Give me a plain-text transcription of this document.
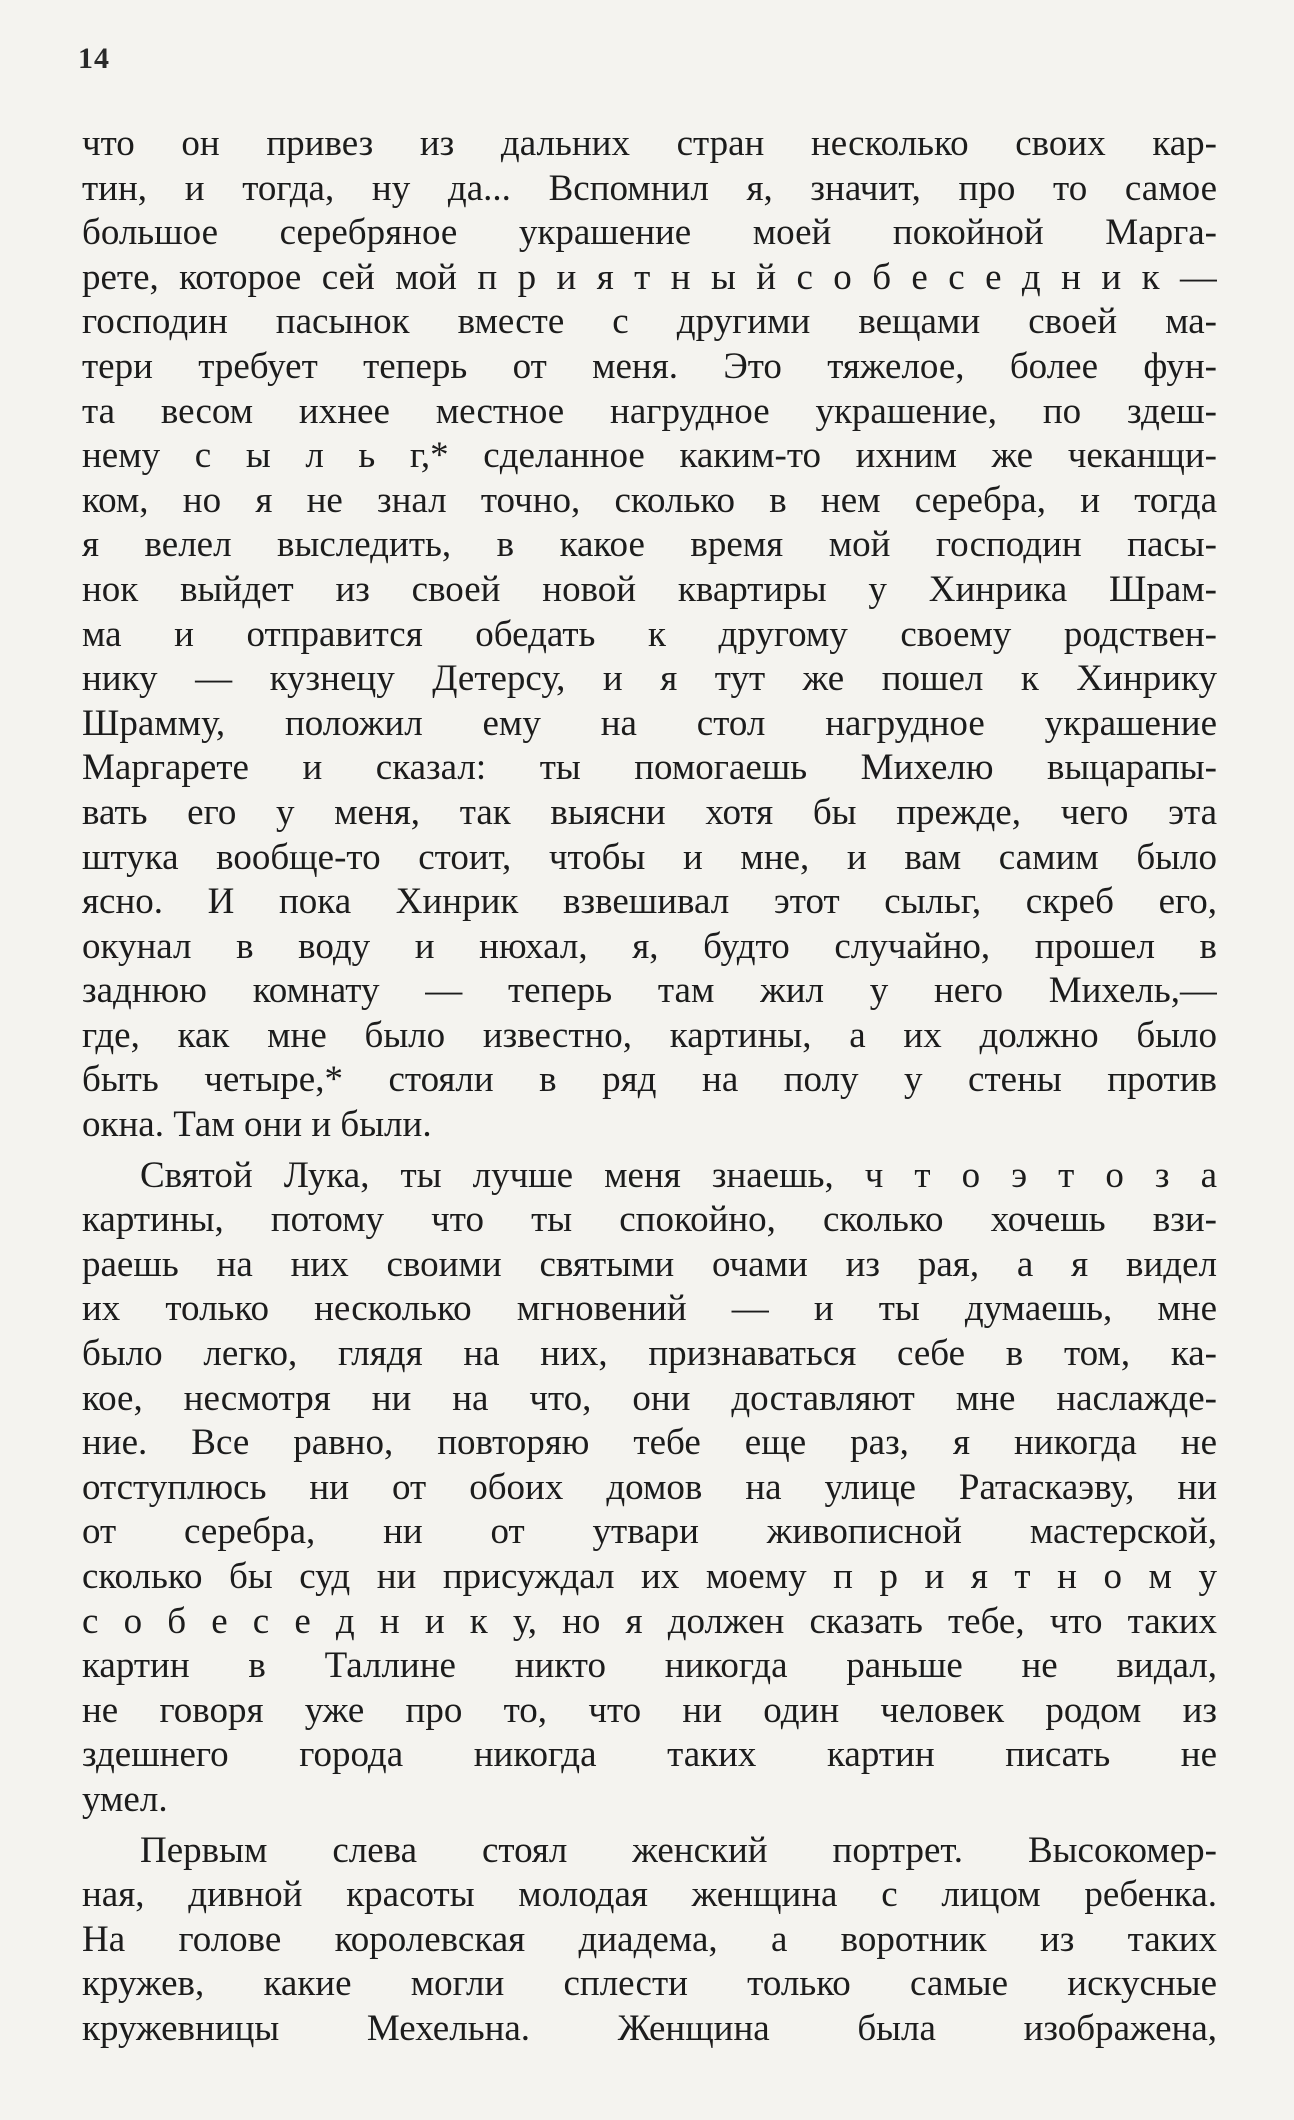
14
что он привез из дальних стран несколько своих кар-
тин, и тогда, ну да... Вспомнил я, значит, про то самое
большое серебряное украшение моей покойной Марга-
рете, которое сей мой п р и я т н ы й с о б е с е д н и к —
господин пасынок вместе с другими вещами своей ма-
тери требует теперь от меня. Это тяжелое, более фун-
та весом ихнее местное нагрудное украшение, по здеш-
нему с ы л ь г,* сделанное каким-то ихним же чеканщи-
ком, но я не знал точно, сколько в нем серебра, и тогда
я велел выследить, в какое время мой господин пасы-
нок выйдет из своей новой квартиры у Хинрика Шрам-
ма и отправится обедать к другому своему родствен-
нику — кузнецу Детерсу, и я тут же пошел к Хинрику
Шрамму, положил ему на стол нагрудное украшение
Маргарете и сказал: ты помогаешь Михелю выцарапы-
вать его у меня, так выясни хотя бы прежде, чего эта
штука вообще-то стоит, чтобы и мне, и вам самим было
ясно. И пока Хинрик взвешивал этот сыльг, скреб его,
окунал в воду и нюхал, я, будто случайно, прошел в
заднюю комнату — теперь там жил у него Михель,—
где, как мне было известно, картины, а их должно было
быть четыре,* стояли в ряд на полу у стены против
окна. Там они и были.
Святой Лука, ты лучше меня знаешь, ч т о э т о з а
картины, потому что ты спокойно, сколько хочешь взи-
раешь на них своими святыми очами из рая, а я видел
их только несколько мгновений — и ты думаешь, мне
было легко, глядя на них, признаваться себе в том, ка-
кое, несмотря ни на что, они доставляют мне наслажде-
ние. Все равно, повторяю тебе еще раз, я никогда не
отступлюсь ни от обоих домов на улице Ратаскаэву, ни
от серебра, ни от утвари живописной мастерской,
сколько бы суд ни присуждал их моему п р и я т н о м у
с о б е с е д н и к у, но я должен сказать тебе, что таких
картин в Таллине никто никогда раньше не видал,
не говоря уже про то, что ни один человек родом из
здешнего города никогда таких картин писать не
умел.
Первым слева стоял женский портрет. Высокомер-
ная, дивной красоты молодая женщина с лицом ребенка.
На голове королевская диадема, а воротник из таких
кружев, какие могли сплести только самые искусные
кружевницы Мехельна. Женщина была изображена,
